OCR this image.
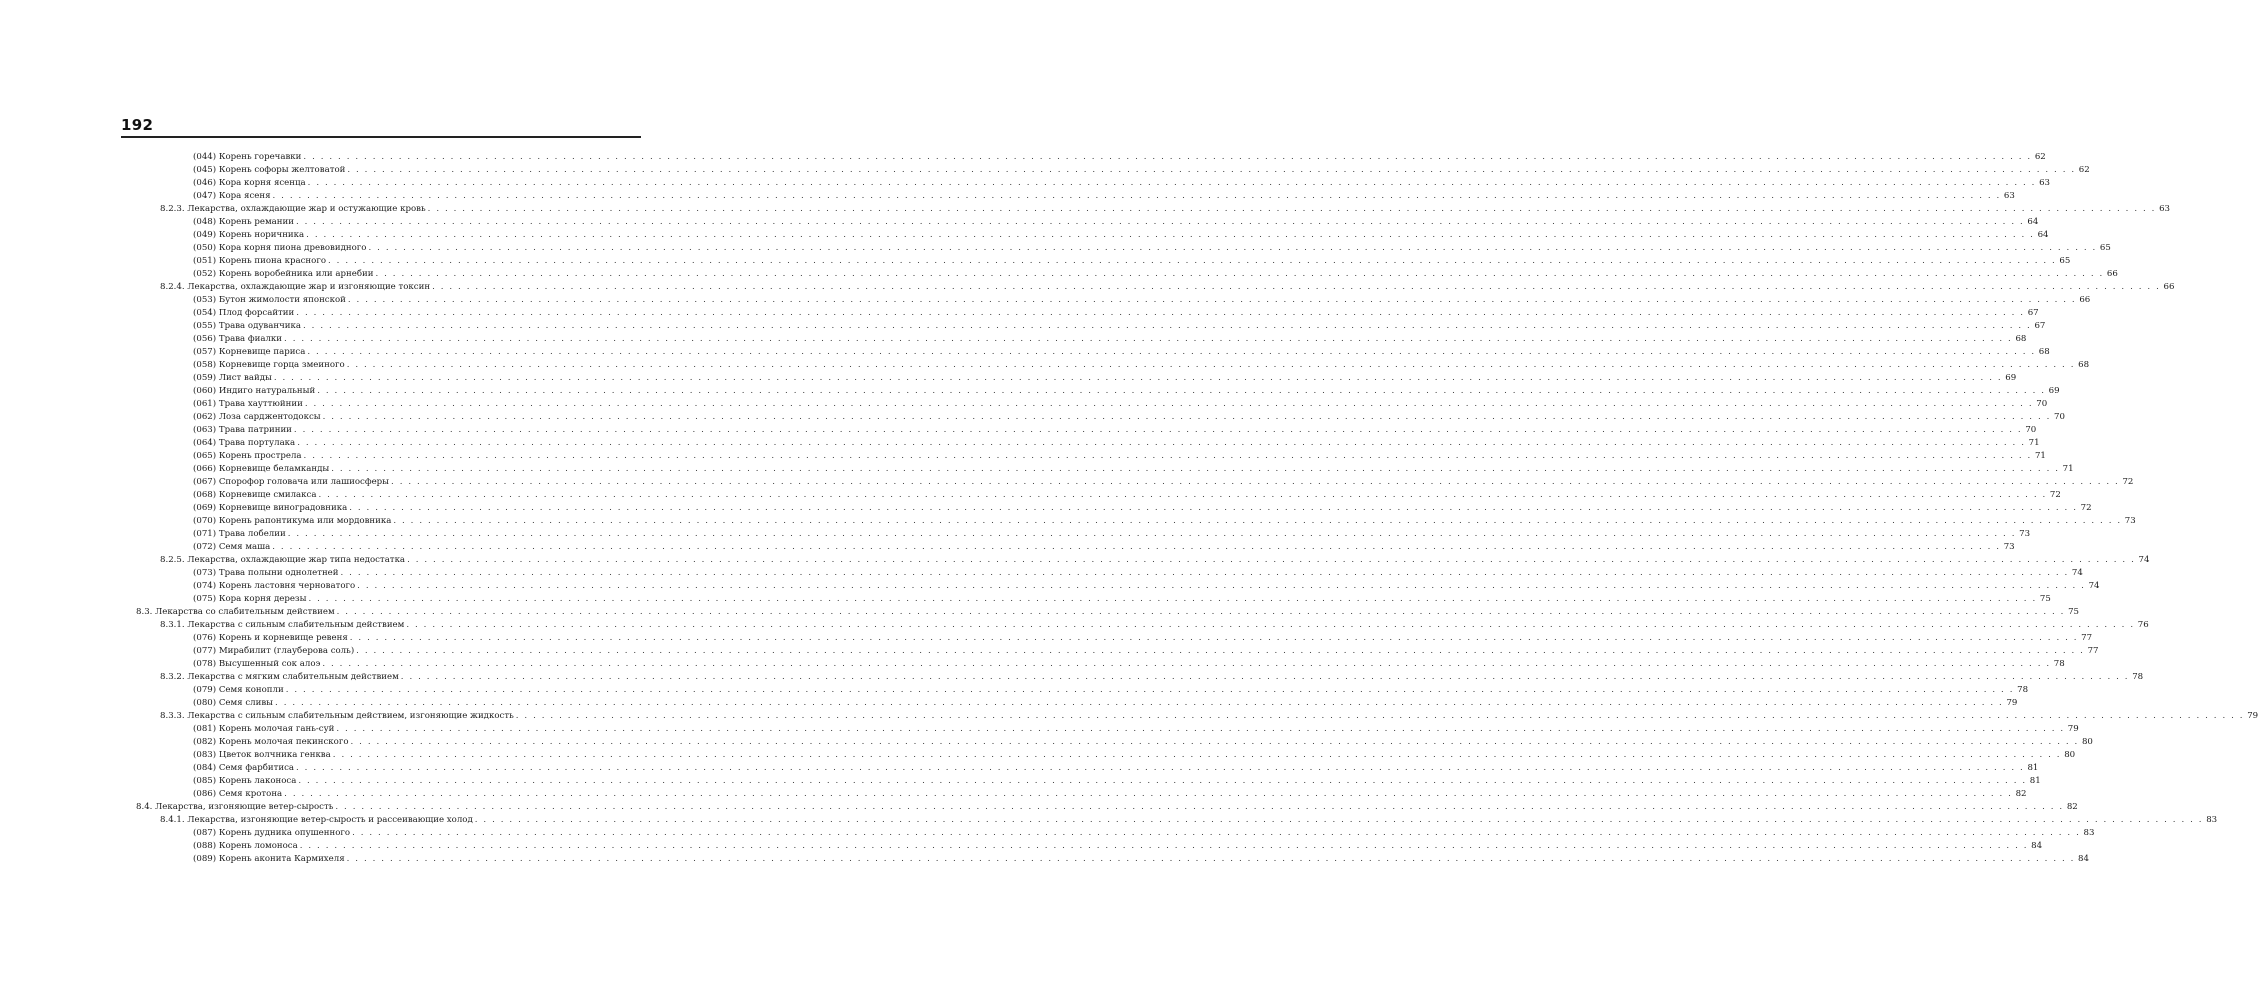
192
(044) Корень горечавки . . . . . . . . . . . . . . . . . . . . . . . . . . . . . . . . . . . . . . . . . . . . . . . . . . . . . . . . . . . . . . . . . . . . . . . . . . . . . . . . . . . . . . . . . . . . . . . . . . . . . . . . . . . . . . . . . . . . . . . . . . . . . . . . . . . . . . . . . . . . . . . . . . . . . . . . . . . . . . . . . . . . . . . . . . . . . . . . . . . . . . . . . . . . . . . . . . . . . . . . 62
(045) Корень софоры желтоватой . . . . . . . . . . . . . . . . . . . . . . . . . . . . . . . . . . . . . . . . . . . . . . . . . . . . . . . . . . . . . . . . . . . . . . . . . . . . . . . . . . . . . . . . . . . . . . . . . . . . . . . . . . . . . . . . . . . . . . . . . . . . . . . . . . . . . . . . . . . . . . . . . . . . . . . . . . . . . . . . . . . . . . . . . . . . . . . . . . . . . . . . . . . . . . . . . . . . . . . . 62
(046) Кора корня ясенца . . . . . . . . . . . . . . . . . . . . . . . . . . . . . . . . . . . . . . . . . . . . . . . . . . . . . . . . . . . . . . . . . . . . . . . . . . . . . . . . . . . . . . . . . . . . . . . . . . . . . . . . . . . . . . . . . . . . . . . . . . . . . . . . . . . . . . . . . . . . . . . . . . . . . . . . . . . . . . . . . . . . . . . . . . . . . . . . . . . . . . . . . . . . . . . . . . . . . . . . 63
(047) Кора ясеня . . . . . . . . . . . . . . . . . . . . . . . . . . . . . . . . . . . . . . . . . . . . . . . . . . . . . . . . . . . . . . . . . . . . . . . . . . . . . . . . . . . . . . . . . . . . . . . . . . . . . . . . . . . . . . . . . . . . . . . . . . . . . . . . . . . . . . . . . . . . . . . . . . . . . . . . . . . . . . . . . . . . . . . . . . . . . . . . . . . . . . . . . . . . . . . . . . . . . . . . 63
8.2.3. Лекарства, охлаждающие жар и остужающие кровь . . . . . . . . . . . . . . . . . . . . . . . . . . . . . . . . . . . . . . . . . . . . . . . . . . . . . . . . . . . . . . . . . . . . . . . . . . . . . . . . . . . . . . . . . . . . . . . . . . . . . . . . . . . . . . . . . . . . . . . . . . . . . . . . . . . . . . . . . . . . . . . . . . . . . . . . . . . . . . . . . . . . . . . . . . . . . . . . . . . . . . . . . . . . . . . . . . . . . . . . 63
(048) Корень ремании . . . . . . . . . . . . . . . . . . . . . . . . . . . . . . . . . . . . . . . . . . . . . . . . . . . . . . . . . . . . . . . . . . . . . . . . . . . . . . . . . . . . . . . . . . . . . . . . . . . . . . . . . . . . . . . . . . . . . . . . . . . . . . . . . . . . . . . . . . . . . . . . . . . . . . . . . . . . . . . . . . . . . . . . . . . . . . . . . . . . . . . . . . . . . . . . . . . . . . . . 64
(049) Корень норичника . . . . . . . . . . . . . . . . . . . . . . . . . . . . . . . . . . . . . . . . . . . . . . . . . . . . . . . . . . . . . . . . . . . . . . . . . . . . . . . . . . . . . . . . . . . . . . . . . . . . . . . . . . . . . . . . . . . . . . . . . . . . . . . . . . . . . . . . . . . . . . . . . . . . . . . . . . . . . . . . . . . . . . . . . . . . . . . . . . . . . . . . . . . . . . . . . . . . . . . . 64
(050) Кора корня пиона древовидного . . . . . . . . . . . . . . . . . . . . . . . . . . . . . . . . . . . . . . . . . . . . . . . . . . . . . . . . . . . . . . . . . . . . . . . . . . . . . . . . . . . . . . . . . . . . . . . . . . . . . . . . . . . . . . . . . . . . . . . . . . . . . . . . . . . . . . . . . . . . . . . . . . . . . . . . . . . . . . . . . . . . . . . . . . . . . . . . . . . . . . . . . . . . . . . . . . . . . . . . 65
(051) Корень пиона красного . . . . . . . . . . . . . . . . . . . . . . . . . . . . . . . . . . . . . . . . . . . . . . . . . . . . . . . . . . . . . . . . . . . . . . . . . . . . . . . . . . . . . . . . . . . . . . . . . . . . . . . . . . . . . . . . . . . . . . . . . . . . . . . . . . . . . . . . . . . . . . . . . . . . . . . . . . . . . . . . . . . . . . . . . . . . . . . . . . . . . . . . . . . . . . . . . . . . . . . . 65
(052) Корень воробейника или арнебии . . . . . . . . . . . . . . . . . . . . . . . . . . . . . . . . . . . . . . . . . . . . . . . . . . . . . . . . . . . . . . . . . . . . . . . . . . . . . . . . . . . . . . . . . . . . . . . . . . . . . . . . . . . . . . . . . . . . . . . . . . . . . . . . . . . . . . . . . . . . . . . . . . . . . . . . . . . . . . . . . . . . . . . . . . . . . . . . . . . . . . . . . . . . . . . . . . . . . . . . 66
8.2.4. Лекарства, охлаждающие жар и изгоняющие токсин . . . . . . . . . . . . . . . . . . . . . . . . . . . . . . . . . . . . . . . . . . . . . . . . . . . . . . . . . . . . . . . . . . . . . . . . . . . . . . . . . . . . . . . . . . . . . . . . . . . . . . . . . . . . . . . . . . . . . . . . . . . . . . . . . . . . . . . . . . . . . . . . . . . . . . . . . . . . . . . . . . . . . . . . . . . . . . . . . . . . . . . . . . . . . . . . . . . . . . . . 66
(053) Бутон жимолости японской . . . . . . . . . . . . . . . . . . . . . . . . . . . . . . . . . . . . . . . . . . . . . . . . . . . . . . . . . . . . . . . . . . . . . . . . . . . . . . . . . . . . . . . . . . . . . . . . . . . . . . . . . . . . . . . . . . . . . . . . . . . . . . . . . . . . . . . . . . . . . . . . . . . . . . . . . . . . . . . . . . . . . . . . . . . . . . . . . . . . . . . . . . . . . . . . . . . . . . . . 66
(054) Плод форсайтии . . . . . . . . . . . . . . . . . . . . . . . . . . . . . . . . . . . . . . . . . . . . . . . . . . . . . . . . . . . . . . . . . . . . . . . . . . . . . . . . . . . . . . . . . . . . . . . . . . . . . . . . . . . . . . . . . . . . . . . . . . . . . . . . . . . . . . . . . . . . . . . . . . . . . . . . . . . . . . . . . . . . . . . . . . . . . . . . . . . . . . . . . . . . . . . . . . . . . . . . 67
(055) Трава одуванчика . . . . . . . . . . . . . . . . . . . . . . . . . . . . . . . . . . . . . . . . . . . . . . . . . . . . . . . . . . . . . . . . . . . . . . . . . . . . . . . . . . . . . . . . . . . . . . . . . . . . . . . . . . . . . . . . . . . . . . . . . . . . . . . . . . . . . . . . . . . . . . . . . . . . . . . . . . . . . . . . . . . . . . . . . . . . . . . . . . . . . . . . . . . . . . . . . . . . . . . . 67
(056) Трава фиалки . . . . . . . . . . . . . . . . . . . . . . . . . . . . . . . . . . . . . . . . . . . . . . . . . . . . . . . . . . . . . . . . . . . . . . . . . . . . . . . . . . . . . . . . . . . . . . . . . . . . . . . . . . . . . . . . . . . . . . . . . . . . . . . . . . . . . . . . . . . . . . . . . . . . . . . . . . . . . . . . . . . . . . . . . . . . . . . . . . . . . . . . . . . . . . . . . . . . . . . . 68
(057) Корневище париса . . . . . . . . . . . . . . . . . . . . . . . . . . . . . . . . . . . . . . . . . . . . . . . . . . . . . . . . . . . . . . . . . . . . . . . . . . . . . . . . . . . . . . . . . . . . . . . . . . . . . . . . . . . . . . . . . . . . . . . . . . . . . . . . . . . . . . . . . . . . . . . . . . . . . . . . . . . . . . . . . . . . . . . . . . . . . . . . . . . . . . . . . . . . . . . . . . . . . . . . 68
(058) Корневище горца змеиного . . . . . . . . . . . . . . . . . . . . . . . . . . . . . . . . . . . . . . . . . . . . . . . . . . . . . . . . . . . . . . . . . . . . . . . . . . . . . . . . . . . . . . . . . . . . . . . . . . . . . . . . . . . . . . . . . . . . . . . . . . . . . . . . . . . . . . . . . . . . . . . . . . . . . . . . . . . . . . . . . . . . . . . . . . . . . . . . . . . . . . . . . . . . . . . . . . . . . . . . 68
(059) Лист вайды . . . . . . . . . . . . . . . . . . . . . . . . . . . . . . . . . . . . . . . . . . . . . . . . . . . . . . . . . . . . . . . . . . . . . . . . . . . . . . . . . . . . . . . . . . . . . . . . . . . . . . . . . . . . . . . . . . . . . . . . . . . . . . . . . . . . . . . . . . . . . . . . . . . . . . . . . . . . . . . . . . . . . . . . . . . . . . . . . . . . . . . . . . . . . . . . . . . . . . . . 69
(060) Индиго натуральный . . . . . . . . . . . . . . . . . . . . . . . . . . . . . . . . . . . . . . . . . . . . . . . . . . . . . . . . . . . . . . . . . . . . . . . . . . . . . . . . . . . . . . . . . . . . . . . . . . . . . . . . . . . . . . . . . . . . . . . . . . . . . . . . . . . . . . . . . . . . . . . . . . . . . . . . . . . . . . . . . . . . . . . . . . . . . . . . . . . . . . . . . . . . . . . . . . . . . . . . 69
(061) Трава хауттюйнии . . . . . . . . . . . . . . . . . . . . . . . . . . . . . . . . . . . . . . . . . . . . . . . . . . . . . . . . . . . . . . . . . . . . . . . . . . . . . . . . . . . . . . . . . . . . . . . . . . . . . . . . . . . . . . . . . . . . . . . . . . . . . . . . . . . . . . . . . . . . . . . . . . . . . . . . . . . . . . . . . . . . . . . . . . . . . . . . . . . . . . . . . . . . . . . . . . . . . . . . 70
(062) Лоза сарджентодоксы . . . . . . . . . . . . . . . . . . . . . . . . . . . . . . . . . . . . . . . . . . . . . . . . . . . . . . . . . . . . . . . . . . . . . . . . . . . . . . . . . . . . . . . . . . . . . . . . . . . . . . . . . . . . . . . . . . . . . . . . . . . . . . . . . . . . . . . . . . . . . . . . . . . . . . . . . . . . . . . . . . . . . . . . . . . . . . . . . . . . . . . . . . . . . . . . . . . . . . . . 70
(063) Трава патринии . . . . . . . . . . . . . . . . . . . . . . . . . . . . . . . . . . . . . . . . . . . . . . . . . . . . . . . . . . . . . . . . . . . . . . . . . . . . . . . . . . . . . . . . . . . . . . . . . . . . . . . . . . . . . . . . . . . . . . . . . . . . . . . . . . . . . . . . . . . . . . . . . . . . . . . . . . . . . . . . . . . . . . . . . . . . . . . . . . . . . . . . . . . . . . . . . . . . . . . . 70
(064) Трава портулака . . . . . . . . . . . . . . . . . . . . . . . . . . . . . . . . . . . . . . . . . . . . . . . . . . . . . . . . . . . . . . . . . . . . . . . . . . . . . . . . . . . . . . . . . . . . . . . . . . . . . . . . . . . . . . . . . . . . . . . . . . . . . . . . . . . . . . . . . . . . . . . . . . . . . . . . . . . . . . . . . . . . . . . . . . . . . . . . . . . . . . . . . . . . . . . . . . . . . . . . 71
(065) Корень прострела . . . . . . . . . . . . . . . . . . . . . . . . . . . . . . . . . . . . . . . . . . . . . . . . . . . . . . . . . . . . . . . . . . . . . . . . . . . . . . . . . . . . . . . . . . . . . . . . . . . . . . . . . . . . . . . . . . . . . . . . . . . . . . . . . . . . . . . . . . . . . . . . . . . . . . . . . . . . . . . . . . . . . . . . . . . . . . . . . . . . . . . . . . . . . . . . . . . . . . . . 71
(066) Корневище беламканды . . . . . . . . . . . . . . . . . . . . . . . . . . . . . . . . . . . . . . . . . . . . . . . . . . . . . . . . . . . . . . . . . . . . . . . . . . . . . . . . . . . . . . . . . . . . . . . . . . . . . . . . . . . . . . . . . . . . . . . . . . . . . . . . . . . . . . . . . . . . . . . . . . . . . . . . . . . . . . . . . . . . . . . . . . . . . . . . . . . . . . . . . . . . . . . . . . . . . . . . 71
(067) Спорофор головача или лашиосферы . . . . . . . . . . . . . . . . . . . . . . . . . . . . . . . . . . . . . . . . . . . . . . . . . . . . . . . . . . . . . . . . . . . . . . . . . . . . . . . . . . . . . . . . . . . . . . . . . . . . . . . . . . . . . . . . . . . . . . . . . . . . . . . . . . . . . . . . . . . . . . . . . . . . . . . . . . . . . . . . . . . . . . . . . . . . . . . . . . . . . . . . . . . . . . . . . . . . . . . . 72
(068) Корневище смилакса . . . . . . . . . . . . . . . . . . . . . . . . . . . . . . . . . . . . . . . . . . . . . . . . . . . . . . . . . . . . . . . . . . . . . . . . . . . . . . . . . . . . . . . . . . . . . . . . . . . . . . . . . . . . . . . . . . . . . . . . . . . . . . . . . . . . . . . . . . . . . . . . . . . . . . . . . . . . . . . . . . . . . . . . . . . . . . . . . . . . . . . . . . . . . . . . . . . . . . . . 72
(069) Корневище виноградовника . . . . . . . . . . . . . . . . . . . . . . . . . . . . . . . . . . . . . . . . . . . . . . . . . . . . . . . . . . . . . . . . . . . . . . . . . . . . . . . . . . . . . . . . . . . . . . . . . . . . . . . . . . . . . . . . . . . . . . . . . . . . . . . . . . . . . . . . . . . . . . . . . . . . . . . . . . . . . . . . . . . . . . . . . . . . . . . . . . . . . . . . . . . . . . . . . . . . . . . . 72
(070) Корень рапонтикума или мордовника . . . . . . . . . . . . . . . . . . . . . . . . . . . . . . . . . . . . . . . . . . . . . . . . . . . . . . . . . . . . . . . . . . . . . . . . . . . . . . . . . . . . . . . . . . . . . . . . . . . . . . . . . . . . . . . . . . . . . . . . . . . . . . . . . . . . . . . . . . . . . . . . . . . . . . . . . . . . . . . . . . . . . . . . . . . . . . . . . . . . . . . . . . . . . . . . . . . . . . . . 73
(071) Трава лобелии . . . . . . . . . . . . . . . . . . . . . . . . . . . . . . . . . . . . . . . . . . . . . . . . . . . . . . . . . . . . . . . . . . . . . . . . . . . . . . . . . . . . . . . . . . . . . . . . . . . . . . . . . . . . . . . . . . . . . . . . . . . . . . . . . . . . . . . . . . . . . . . . . . . . . . . . . . . . . . . . . . . . . . . . . . . . . . . . . . . . . . . . . . . . . . . . . . . . . . . . 73
(072) Семя маша . . . . . . . . . . . . . . . . . . . . . . . . . . . . . . . . . . . . . . . . . . . . . . . . . . . . . . . . . . . . . . . . . . . . . . . . . . . . . . . . . . . . . . . . . . . . . . . . . . . . . . . . . . . . . . . . . . . . . . . . . . . . . . . . . . . . . . . . . . . . . . . . . . . . . . . . . . . . . . . . . . . . . . . . . . . . . . . . . . . . . . . . . . . . . . . . . . . . . . . . 73
8.2.5. Лекарства, охлаждающие жар типа недостатка . . . . . . . . . . . . . . . . . . . . . . . . . . . . . . . . . . . . . . . . . . . . . . . . . . . . . . . . . . . . . . . . . . . . . . . . . . . . . . . . . . . . . . . . . . . . . . . . . . . . . . . . . . . . . . . . . . . . . . . . . . . . . . . . . . . . . . . . . . . . . . . . . . . . . . . . . . . . . . . . . . . . . . . . . . . . . . . . . . . . . . . . . . . . . . . . . . . . . . . . 74
(073) Трава полыни однолетней . . . . . . . . . . . . . . . . . . . . . . . . . . . . . . . . . . . . . . . . . . . . . . . . . . . . . . . . . . . . . . . . . . . . . . . . . . . . . . . . . . . . . . . . . . . . . . . . . . . . . . . . . . . . . . . . . . . . . . . . . . . . . . . . . . . . . . . . . . . . . . . . . . . . . . . . . . . . . . . . . . . . . . . . . . . . . . . . . . . . . . . . . . . . . . . . . . . . . . . . 74
(074) Корень ластовня черноватого . . . . . . . . . . . . . . . . . . . . . . . . . . . . . . . . . . . . . . . . . . . . . . . . . . . . . . . . . . . . . . . . . . . . . . . . . . . . . . . . . . . . . . . . . . . . . . . . . . . . . . . . . . . . . . . . . . . . . . . . . . . . . . . . . . . . . . . . . . . . . . . . . . . . . . . . . . . . . . . . . . . . . . . . . . . . . . . . . . . . . . . . . . . . . . . . . . . . . . . . 74
(075) Кора корня дерезы . . . . . . . . . . . . . . . . . . . . . . . . . . . . . . . . . . . . . . . . . . . . . . . . . . . . . . . . . . . . . . . . . . . . . . . . . . . . . . . . . . . . . . . . . . . . . . . . . . . . . . . . . . . . . . . . . . . . . . . . . . . . . . . . . . . . . . . . . . . . . . . . . . . . . . . . . . . . . . . . . . . . . . . . . . . . . . . . . . . . . . . . . . . . . . . . . . . . . . . . 75
8.3. Лекарства со слабительным действием . . . . . . . . . . . . . . . . . . . . . . . . . . . . . . . . . . . . . . . . . . . . . . . . . . . . . . . . . . . . . . . . . . . . . . . . . . . . . . . . . . . . . . . . . . . . . . . . . . . . . . . . . . . . . . . . . . . . . . . . . . . . . . . . . . . . . . . . . . . . . . . . . . . . . . . . . . . . . . . . . . . . . . . . . . . . . . . . . . . . . . . . . . . . . . . . . . . . . . . . 75
8.3.1. Лекарства с сильным слабительным действием . . . . . . . . . . . . . . . . . . . . . . . . . . . . . . . . . . . . . . . . . . . . . . . . . . . . . . . . . . . . . . . . . . . . . . . . . . . . . . . . . . . . . . . . . . . . . . . . . . . . . . . . . . . . . . . . . . . . . . . . . . . . . . . . . . . . . . . . . . . . . . . . . . . . . . . . . . . . . . . . . . . . . . . . . . . . . . . . . . . . . . . . . . . . . . . . . . . . . . . . 76
(076) Корень и корневище ревеня . . . . . . . . . . . . . . . . . . . . . . . . . . . . . . . . . . . . . . . . . . . . . . . . . . . . . . . . . . . . . . . . . . . . . . . . . . . . . . . . . . . . . . . . . . . . . . . . . . . . . . . . . . . . . . . . . . . . . . . . . . . . . . . . . . . . . . . . . . . . . . . . . . . . . . . . . . . . . . . . . . . . . . . . . . . . . . . . . . . . . . . . . . . . . . . . . . . . . . . . 77
(077) Мирабилит (глауберова соль) . . . . . . . . . . . . . . . . . . . . . . . . . . . . . . . . . . . . . . . . . . . . . . . . . . . . . . . . . . . . . . . . . . . . . . . . . . . . . . . . . . . . . . . . . . . . . . . . . . . . . . . . . . . . . . . . . . . . . . . . . . . . . . . . . . . . . . . . . . . . . . . . . . . . . . . . . . . . . . . . . . . . . . . . . . . . . . . . . . . . . . . . . . . . . . . . . . . . . . . . 77
(078) Высушенный сок алоэ . . . . . . . . . . . . . . . . . . . . . . . . . . . . . . . . . . . . . . . . . . . . . . . . . . . . . . . . . . . . . . . . . . . . . . . . . . . . . . . . . . . . . . . . . . . . . . . . . . . . . . . . . . . . . . . . . . . . . . . . . . . . . . . . . . . . . . . . . . . . . . . . . . . . . . . . . . . . . . . . . . . . . . . . . . . . . . . . . . . . . . . . . . . . . . . . . . . . . . . . 78
8.3.2. Лекарства с мягким слабительным действием . . . . . . . . . . . . . . . . . . . . . . . . . . . . . . . . . . . . . . . . . . . . . . . . . . . . . . . . . . . . . . . . . . . . . . . . . . . . . . . . . . . . . . . . . . . . . . . . . . . . . . . . . . . . . . . . . . . . . . . . . . . . . . . . . . . . . . . . . . . . . . . . . . . . . . . . . . . . . . . . . . . . . . . . . . . . . . . . . . . . . . . . . . . . . . . . . . . . . . . . 78
(079) Семя конопли . . . . . . . . . . . . . . . . . . . . . . . . . . . . . . . . . . . . . . . . . . . . . . . . . . . . . . . . . . . . . . . . . . . . . . . . . . . . . . . . . . . . . . . . . . . . . . . . . . . . . . . . . . . . . . . . . . . . . . . . . . . . . . . . . . . . . . . . . . . . . . . . . . . . . . . . . . . . . . . . . . . . . . . . . . . . . . . . . . . . . . . . . . . . . . . . . . . . . . . . 78
(080) Семя сливы . . . . . . . . . . . . . . . . . . . . . . . . . . . . . . . . . . . . . . . . . . . . . . . . . . . . . . . . . . . . . . . . . . . . . . . . . . . . . . . . . . . . . . . . . . . . . . . . . . . . . . . . . . . . . . . . . . . . . . . . . . . . . . . . . . . . . . . . . . . . . . . . . . . . . . . . . . . . . . . . . . . . . . . . . . . . . . . . . . . . . . . . . . . . . . . . . . . . . . . . 79
8.3.3. Лекарства с сильным слабительным действием, изгоняющие жидкость . . . . . . . . . . . . . . . . . . . . . . . . . . . . . . . . . . . . . . . . . . . . . . . . . . . . . . . . . . . . . . . . . . . . . . . . . . . . . . . . . . . . . . . . . . . . . . . . . . . . . . . . . . . . . . . . . . . . . . . . . . . . . . . . . . . . . . . . . . . . . . . . . . . . . . . . . . . . . . . . . . . . . . . . . . . . . . . . . . . . . . . . . . . . . . . . . . . . . . . . 79
(081) Корень молочая гань-суй . . . . . . . . . . . . . . . . . . . . . . . . . . . . . . . . . . . . . . . . . . . . . . . . . . . . . . . . . . . . . . . . . . . . . . . . . . . . . . . . . . . . . . . . . . . . . . . . . . . . . . . . . . . . . . . . . . . . . . . . . . . . . . . . . . . . . . . . . . . . . . . . . . . . . . . . . . . . . . . . . . . . . . . . . . . . . . . . . . . . . . . . . . . . . . . . . . . . . . . . 79
(082) Корень молочая пекинского . . . . . . . . . . . . . . . . . . . . . . . . . . . . . . . . . . . . . . . . . . . . . . . . . . . . . . . . . . . . . . . . . . . . . . . . . . . . . . . . . . . . . . . . . . . . . . . . . . . . . . . . . . . . . . . . . . . . . . . . . . . . . . . . . . . . . . . . . . . . . . . . . . . . . . . . . . . . . . . . . . . . . . . . . . . . . . . . . . . . . . . . . . . . . . . . . . . . . . . . 80
(083) Цветок волчника генква . . . . . . . . . . . . . . . . . . . . . . . . . . . . . . . . . . . . . . . . . . . . . . . . . . . . . . . . . . . . . . . . . . . . . . . . . . . . . . . . . . . . . . . . . . . . . . . . . . . . . . . . . . . . . . . . . . . . . . . . . . . . . . . . . . . . . . . . . . . . . . . . . . . . . . . . . . . . . . . . . . . . . . . . . . . . . . . . . . . . . . . . . . . . . . . . . . . . . . . . 80
(084) Семя фарбитиса . . . . . . . . . . . . . . . . . . . . . . . . . . . . . . . . . . . . . . . . . . . . . . . . . . . . . . . . . . . . . . . . . . . . . . . . . . . . . . . . . . . . . . . . . . . . . . . . . . . . . . . . . . . . . . . . . . . . . . . . . . . . . . . . . . . . . . . . . . . . . . . . . . . . . . . . . . . . . . . . . . . . . . . . . . . . . . . . . . . . . . . . . . . . . . . . . . . . . . . . 81
(085) Корень лаконоса . . . . . . . . . . . . . . . . . . . . . . . . . . . . . . . . . . . . . . . . . . . . . . . . . . . . . . . . . . . . . . . . . . . . . . . . . . . . . . . . . . . . . . . . . . . . . . . . . . . . . . . . . . . . . . . . . . . . . . . . . . . . . . . . . . . . . . . . . . . . . . . . . . . . . . . . . . . . . . . . . . . . . . . . . . . . . . . . . . . . . . . . . . . . . . . . . . . . . . . . 81
(086) Семя кротона . . . . . . . . . . . . . . . . . . . . . . . . . . . . . . . . . . . . . . . . . . . . . . . . . . . . . . . . . . . . . . . . . . . . . . . . . . . . . . . . . . . . . . . . . . . . . . . . . . . . . . . . . . . . . . . . . . . . . . . . . . . . . . . . . . . . . . . . . . . . . . . . . . . . . . . . . . . . . . . . . . . . . . . . . . . . . . . . . . . . . . . . . . . . . . . . . . . . . . . . 82
8.4. Лекарства, изгоняющие ветер-сырость . . . . . . . . . . . . . . . . . . . . . . . . . . . . . . . . . . . . . . . . . . . . . . . . . . . . . . . . . . . . . . . . . . . . . . . . . . . . . . . . . . . . . . . . . . . . . . . . . . . . . . . . . . . . . . . . . . . . . . . . . . . . . . . . . . . . . . . . . . . . . . . . . . . . . . . . . . . . . . . . . . . . . . . . . . . . . . . . . . . . . . . . . . . . . . . . . . . . . . . . 82
8.4.1. Лекарства, изгоняющие ветер-сырость и рассеивающие холод . . . . . . . . . . . . . . . . . . . . . . . . . . . . . . . . . . . . . . . . . . . . . . . . . . . . . . . . . . . . . . . . . . . . . . . . . . . . . . . . . . . . . . . . . . . . . . . . . . . . . . . . . . . . . . . . . . . . . . . . . . . . . . . . . . . . . . . . . . . . . . . . . . . . . . . . . . . . . . . . . . . . . . . . . . . . . . . . . . . . . . . . . . . . . . . . . . . . . . . . 83
(087) Корень дудника опушенного . . . . . . . . . . . . . . . . . . . . . . . . . . . . . . . . . . . . . . . . . . . . . . . . . . . . . . . . . . . . . . . . . . . . . . . . . . . . . . . . . . . . . . . . . . . . . . . . . . . . . . . . . . . . . . . . . . . . . . . . . . . . . . . . . . . . . . . . . . . . . . . . . . . . . . . . . . . . . . . . . . . . . . . . . . . . . . . . . . . . . . . . . . . . . . . . . . . . . . . . 83
(088) Корень ломоноса . . . . . . . . . . . . . . . . . . . . . . . . . . . . . . . . . . . . . . . . . . . . . . . . . . . . . . . . . . . . . . . . . . . . . . . . . . . . . . . . . . . . . . . . . . . . . . . . . . . . . . . . . . . . . . . . . . . . . . . . . . . . . . . . . . . . . . . . . . . . . . . . . . . . . . . . . . . . . . . . . . . . . . . . . . . . . . . . . . . . . . . . . . . . . . . . . . . . . . . . 84
(089) Корень аконита Кармихеля . . . . . . . . . . . . . . . . . . . . . . . . . . . . . . . . . . . . . . . . . . . . . . . . . . . . . . . . . . . . . . . . . . . . . . . . . . . . . . . . . . . . . . . . . . . . . . . . . . . . . . . . . . . . . . . . . . . . . . . . . . . . . . . . . . . . . . . . . . . . . . . . . . . . . . . . . . . . . . . . . . . . . . . . . . . . . . . . . . . . . . . . . . . . . . . . . . . . . . . . 84
